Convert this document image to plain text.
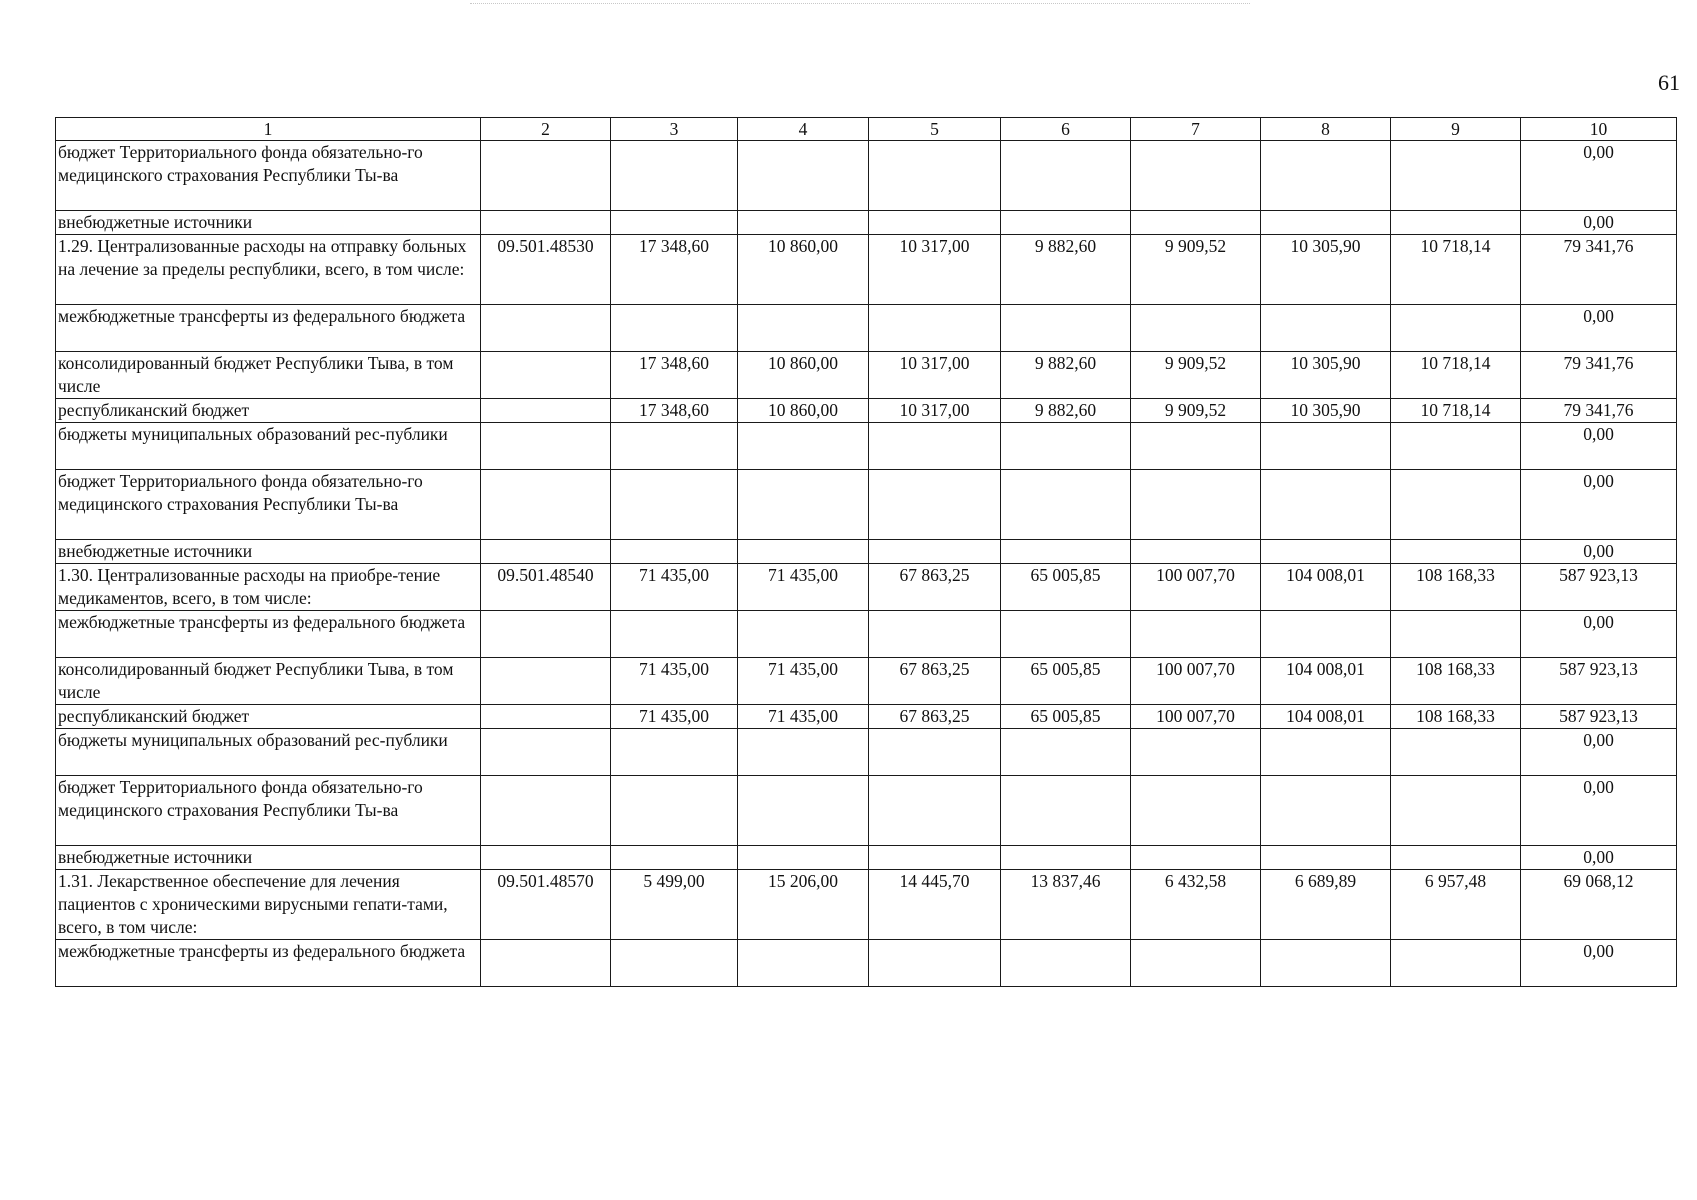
61
1	2	3	4	5	6	7	8	9	10
бюджет Территориального фонда обязательно-го медицинского страхования Республики Ты-ва									0,00
внебюджетные источники									0,00
1.29. Централизованные расходы на отправку больных на лечение за пределы республики, всего, в том числе:	09.501.48530	17 348,60	10 860,00	10 317,00	9 882,60	9 909,52	10 305,90	10 718,14	79 341,76
межбюджетные трансферты из федерального бюджета									0,00
консолидированный бюджет Республики Тыва, в том числе		17 348,60	10 860,00	10 317,00	9 882,60	9 909,52	10 305,90	10 718,14	79 341,76
республиканский бюджет		17 348,60	10 860,00	10 317,00	9 882,60	9 909,52	10 305,90	10 718,14	79 341,76
бюджеты муниципальных образований рес-публики									0,00
бюджет Территориального фонда обязательно-го медицинского страхования Республики Ты-ва									0,00
внебюджетные источники									0,00
1.30. Централизованные расходы на приобре-тение медикаментов, всего, в том числе:	09.501.48540	71 435,00	71 435,00	67 863,25	65 005,85	100 007,70	104 008,01	108 168,33	587 923,13
межбюджетные трансферты из федерального бюджета									0,00
консолидированный бюджет Республики Тыва, в том числе		71 435,00	71 435,00	67 863,25	65 005,85	100 007,70	104 008,01	108 168,33	587 923,13
республиканский бюджет		71 435,00	71 435,00	67 863,25	65 005,85	100 007,70	104 008,01	108 168,33	587 923,13
бюджеты муниципальных образований рес-публики									0,00
бюджет Территориального фонда обязательно-го медицинского страхования Республики Ты-ва									0,00
внебюджетные источники									0,00
1.31. Лекарственное обеспечение для лечения пациентов с хроническими вирусными гепати-тами, всего, в том числе:	09.501.48570	5 499,00	15 206,00	14 445,70	13 837,46	6 432,58	6 689,89	6 957,48	69 068,12
межбюджетные трансферты из федерального бюджета									0,00
